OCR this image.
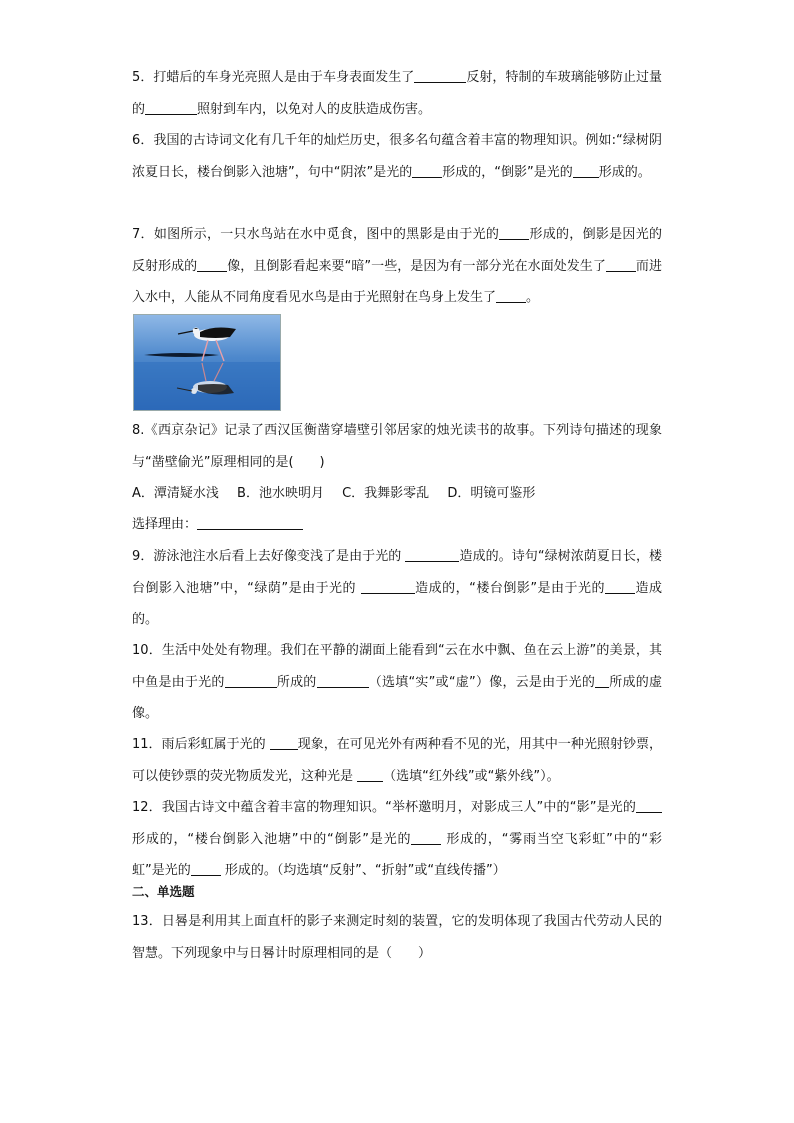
5．打蜡后的车身光亮照人是由于车身表面发生了	反射，特制的车玻璃能够防止过量的	照射到车内，以免对人的皮肤造成伤害。

6．我国的古诗词文化有几千年的灿烂历史，很多名句蕴含着丰富的物理知识。例如:“绿树阴浓夏日长，楼台倒影入池塘”，句中“阴浓”是光的 形成的，“倒影”是光的 形成的。

7．如图所示，一只水鸟站在水中觅食，图中的黑影是由于光的 形成的，倒影是因光的反射形成的 像，且倒影看起来要“暗”一些，是因为有一部分光在水面处发生了 而进入水中，人能从不同角度看见水鸟是由于光照射在鸟身上发生了 。

8.《西京杂记》记录了西汉匡衡凿穿墙壁引邻居家的烛光读书的故事。下列诗句描述的现象与“凿壁偷光”原理相同的是(　　)

A．潭清疑水浅 B．池水映明月 C．我舞影零乱 D．明镜可鉴形

选择理由：

9．游泳池注水后看上去好像变浅了是由于光的	造成的。诗句“绿树浓荫夏日长，楼台倒影入池塘”中，“绿荫”是由于光的	造成的，“楼台倒影”是由于光的 造成的。

10．生活中处处有物理。我们在平静的湖面上能看到“云在水中飘、鱼在云上游”的美景，其中鱼是由于光的	所成的	（选填“实”或“虚”）像，云是由于光的 所成的虚像。

11．雨后彩虹属于光的 现象，在可见光外有两种看不见的光，用其中一种光照射钞票，可以使钞票的荧光物质发光，这种光是 （选填“红外线”或“紫外线”）。

12．我国古诗文中蕴含着丰富的物理知识。“举杯邀明月，对影成三人”中的“影”是光的形成的，“楼台倒影入池塘”中的“倒影”是光的 形成的，“雾雨当空飞彩虹”中的“彩虹”是光的 形成的。（均选填“反射”、“折射”或“直线传播”）

二、单选题

13．日晷是利用其上面直杆的影子来测定时刻的装置，它的发明体现了我国古代劳动人民的智慧。下列现象中与日晷计时原理相同的是（　　）
